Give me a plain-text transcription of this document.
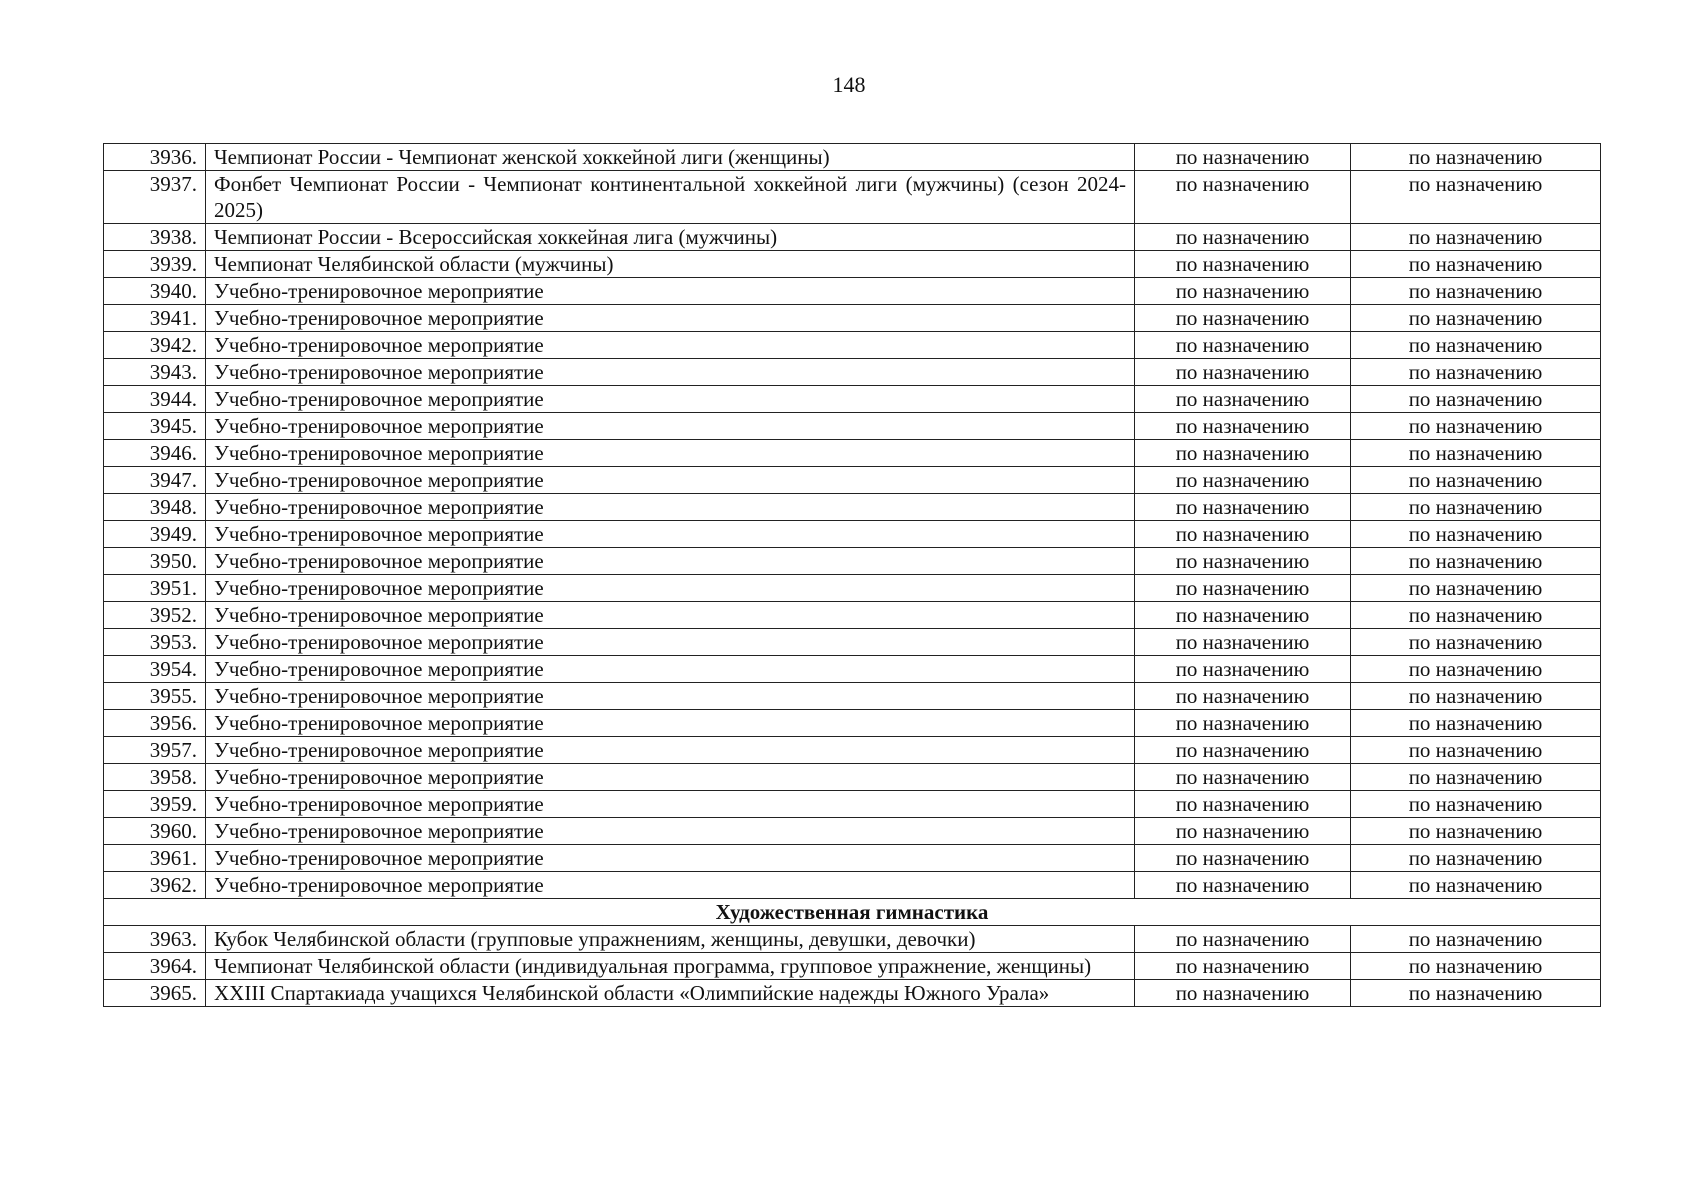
148
3936.	Чемпионат России - Чемпионат женской хоккейной лиги (женщины)	по назначению	по назначению
3937.	Фонбет Чемпионат России - Чемпионат континентальной хоккейной лиги (мужчины) (сезон 2024-2025)	по назначению	по назначению
3938.	Чемпионат России - Всероссийская хоккейная лига (мужчины)	по назначению	по назначению
3939.	Чемпионат Челябинской области (мужчины)	по назначению	по назначению
3940.	Учебно-тренировочное мероприятие	по назначению	по назначению
3941.	Учебно-тренировочное мероприятие	по назначению	по назначению
3942.	Учебно-тренировочное мероприятие	по назначению	по назначению
3943.	Учебно-тренировочное мероприятие	по назначению	по назначению
3944.	Учебно-тренировочное мероприятие	по назначению	по назначению
3945.	Учебно-тренировочное мероприятие	по назначению	по назначению
3946.	Учебно-тренировочное мероприятие	по назначению	по назначению
3947.	Учебно-тренировочное мероприятие	по назначению	по назначению
3948.	Учебно-тренировочное мероприятие	по назначению	по назначению
3949.	Учебно-тренировочное мероприятие	по назначению	по назначению
3950.	Учебно-тренировочное мероприятие	по назначению	по назначению
3951.	Учебно-тренировочное мероприятие	по назначению	по назначению
3952.	Учебно-тренировочное мероприятие	по назначению	по назначению
3953.	Учебно-тренировочное мероприятие	по назначению	по назначению
3954.	Учебно-тренировочное мероприятие	по назначению	по назначению
3955.	Учебно-тренировочное мероприятие	по назначению	по назначению
3956.	Учебно-тренировочное мероприятие	по назначению	по назначению
3957.	Учебно-тренировочное мероприятие	по назначению	по назначению
3958.	Учебно-тренировочное мероприятие	по назначению	по назначению
3959.	Учебно-тренировочное мероприятие	по назначению	по назначению
3960.	Учебно-тренировочное мероприятие	по назначению	по назначению
3961.	Учебно-тренировочное мероприятие	по назначению	по назначению
3962.	Учебно-тренировочное мероприятие	по назначению	по назначению
Художественная гимнастика			
3963.	Кубок Челябинской области (групповые упражнениям, женщины, девушки, девочки)	по назначению	по назначению
3964.	Чемпионат Челябинской области (индивидуальная программа, групповое упражнение, женщины)	по назначению	по назначению
3965.	XXIII Спартакиада учащихся Челябинской области «Олимпийские надежды Южного Урала»	по назначению	по назначению
